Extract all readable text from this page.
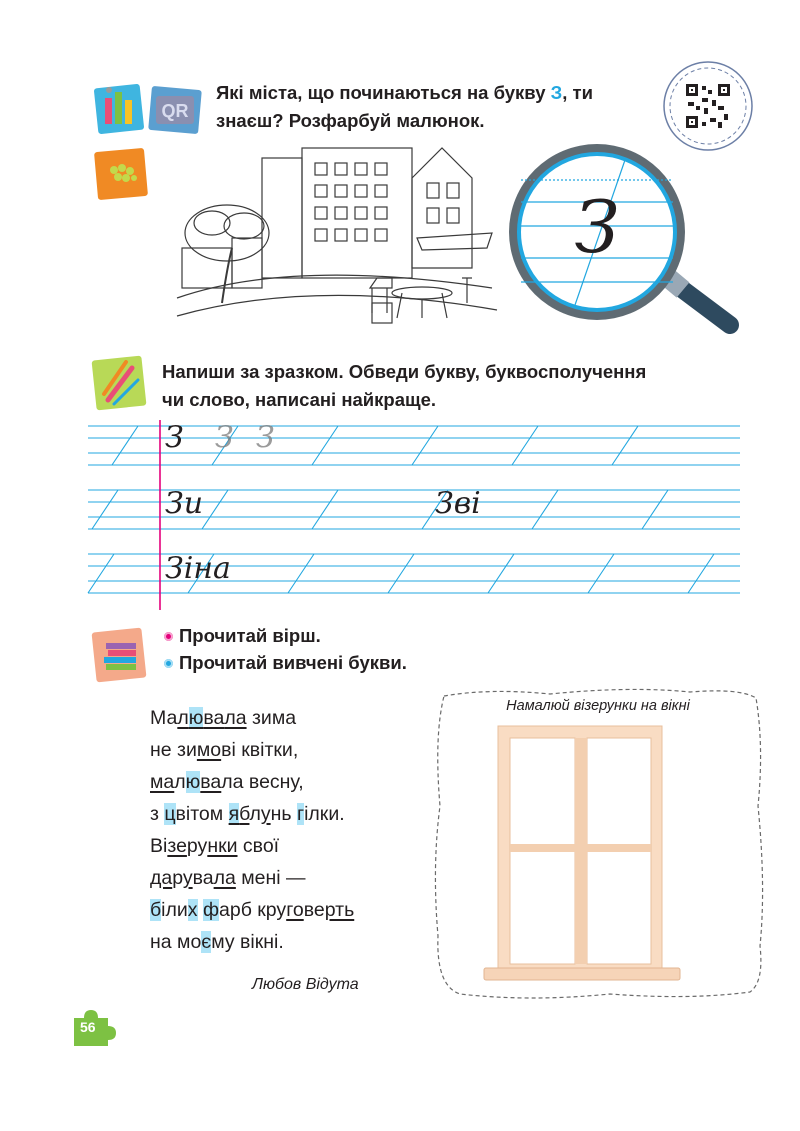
QR
Які міста, що починаються на букву З, ти
знаєш? Розфарбуй малюнок.
З
Напиши за зразком. Обведи букву, буквосполучення
чи слово, написані найкраще.
З З З
Зи	Зві
Зіна
Прочитай вірш.
Прочитай вивчені букви.
Малювала зима
не зимові квітки,
малювала весну,
з цвітом яблунь гілки.
Візерунки свої
дарувала мені —
білих фарб круговерть
на моєму вікні.
Любов Відута
Намалюй візерунки на вікні
56
